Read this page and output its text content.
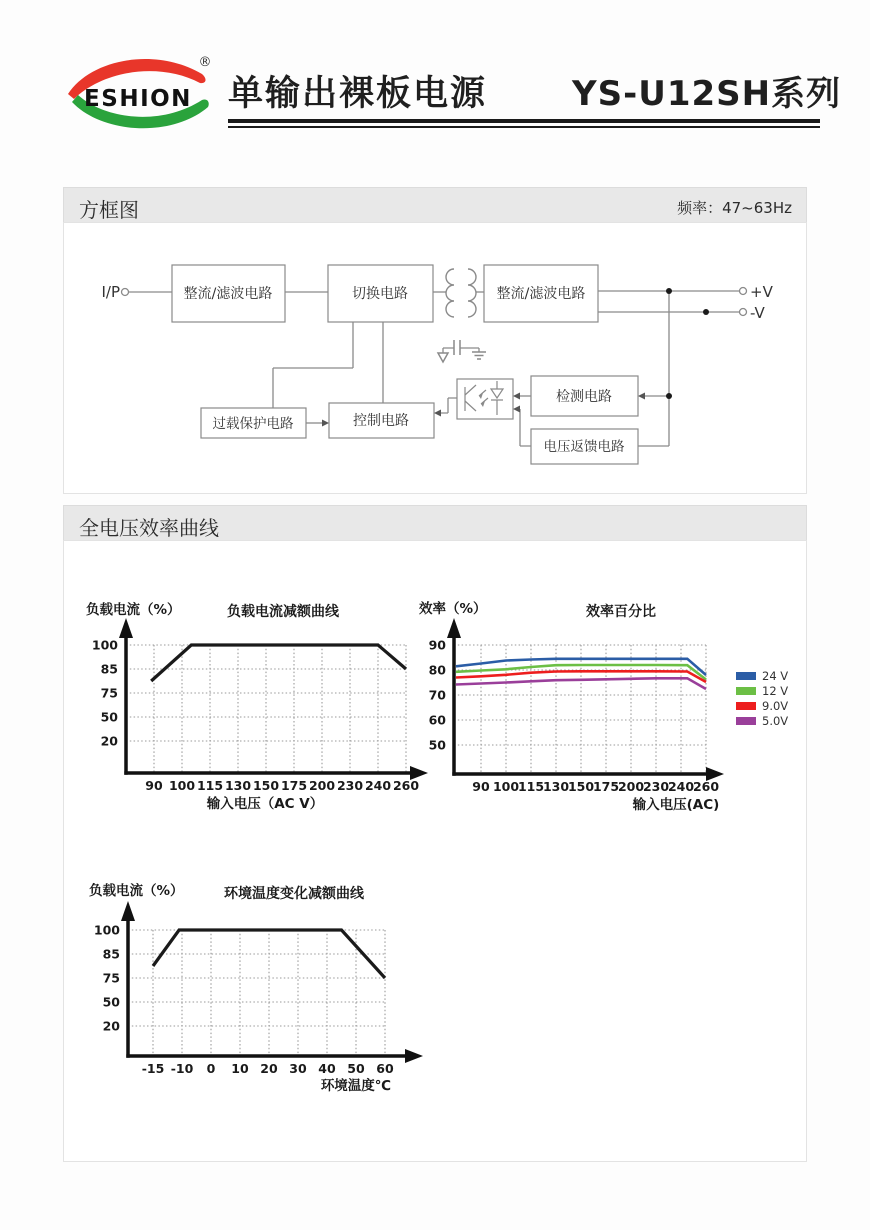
ESHION
®
单输出裸板电源 YS-U12SH系列
方框图	频率：47~63Hz
I/P	整流/滤波电路	切换电路	整流/滤波电路
过载保护电路	控制电路
检测电路
电压返馈电路
+V
-V
全电压效率曲线
100
85
75
50
20
90 100 115 130 150 175 200 230 240 260
负载电流减额曲线
负载电流（%）
输入电压（AC V）
90
80
70
60
50
90 100
115
130
150
175
200
230
240
260
24 V
12 V
9.0V
5.0V
效率百分比
效率（%）
输入电压(AC)
100
85
75
50
20
-15 -10 0 10 20 30 40 50 60
环境温度变化减额曲线
负载电流（%）
环境温度℃
